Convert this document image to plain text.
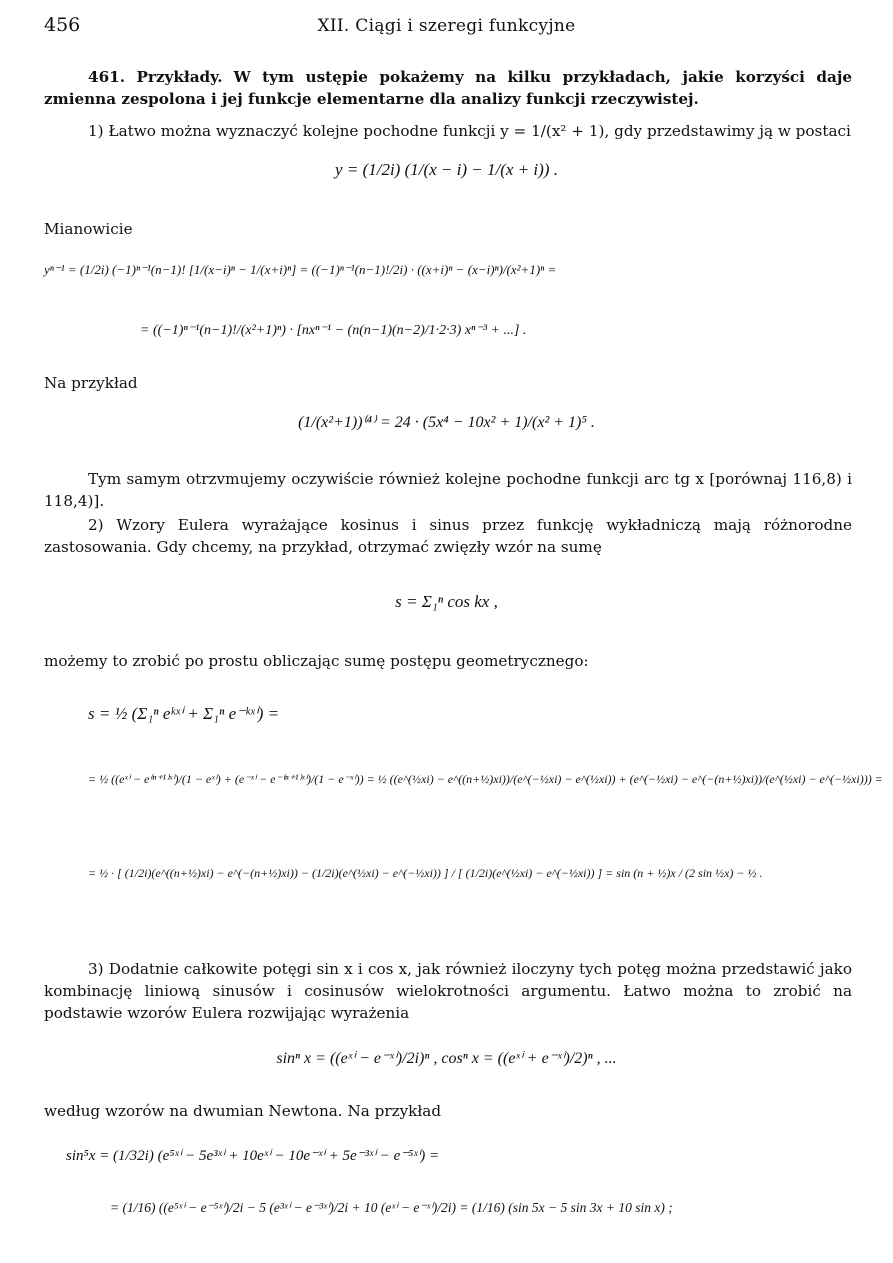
456	XII. Ciągi i szeregi funkcyjne
461. Przykłady. W tym ustępie pokażemy na kilku przykładach, jakie korzyści daje zmienna zespolona i jej funkcje elementarne dla analizy funkcji rzeczywistej.
1) Łatwo można wyznaczyć kolejne pochodne funkcji y = 1/(x² + 1), gdy przedstawimy ją w postaci
y = (1/2i) (1/(x − i) − 1/(x + i)) .
Mianowicie
yⁿ⁻¹ = (1/2i) (−1)ⁿ⁻¹(n−1)! [1/(x−i)ⁿ − 1/(x+i)ⁿ] = ((−1)ⁿ⁻¹(n−1)!/2i) · ((x+i)ⁿ − (x−i)ⁿ)/(x²+1)ⁿ =
= ((−1)ⁿ⁻¹(n−1)!/(x²+1)ⁿ) · [nxⁿ⁻¹ − (n(n−1)(n−2)/1·2·3) xⁿ⁻³ + ...] .
Na przykład
(1/(x²+1))⁽⁴⁾ = 24 · (5x⁴ − 10x² + 1)/(x² + 1)⁵ .
Tym samym otrzvmujemy oczywiście również kolejne pochodne funkcji arc tg x [porównaj 116,8) i 118,4)].
2) Wzory Eulera wyrażające kosinus i sinus przez funkcję wykładniczą mają różnorodne zastosowania. Gdy chcemy, na przykład, otrzymać zwięzły wzór na sumę
s = Σ₁ⁿ cos kx ,
możemy to zrobić po prostu obliczając sumę postępu geometrycznego:
s = ½ (Σ₁ⁿ eᵏˣⁱ + Σ₁ⁿ e⁻ᵏˣⁱ) =
= ½ ((eˣⁱ − e⁽ⁿ⁺¹⁾ˣⁱ)/(1 − eˣⁱ) + (e⁻ˣⁱ − e⁻⁽ⁿ⁺¹⁾ˣⁱ)/(1 − e⁻ˣⁱ)) = ½ ((e^(½xi) − e^((n+½)xi))/(e^(−½xi) − e^(½xi)) + (e^(−½xi) − e^(−(n+½)xi))/(e^(½xi) − e^(−½xi))) =
= ½ · [ (1/2i)(e^((n+½)xi) − e^(−(n+½)xi)) − (1/2i)(e^(½xi) − e^(−½xi)) ] / [ (1/2i)(e^(½xi) − e^(−½xi)) ] = sin (n + ½)x / (2 sin ½x) − ½ .
3) Dodatnie całkowite potęgi sin x i cos x, jak również iloczyny tych potęg można przedstawić jako kombinację liniową sinusów i cosinusów wielokrotności argumentu. Łatwo można to zrobić na podstawie wzorów Eulera rozwijając wyrażenia
sinⁿ x = ((eˣⁱ − e⁻ˣⁱ)/2i)ⁿ , cosⁿ x = ((eˣⁱ + e⁻ˣⁱ)/2)ⁿ , ...
według wzorów na dwumian Newtona. Na przykład
sin⁵x = (1/32i) (e⁵ˣⁱ − 5e³ˣⁱ + 10eˣⁱ − 10e⁻ˣⁱ + 5e⁻³ˣⁱ − e⁻⁵ˣⁱ) =
= (1/16) ((e⁵ˣⁱ − e⁻⁵ˣⁱ)/2i − 5 (e³ˣⁱ − e⁻³ˣⁱ)/2i + 10 (eˣⁱ − e⁻ˣⁱ)/2i) = (1/16) (sin 5x − 5 sin 3x + 10 sin x) ;
